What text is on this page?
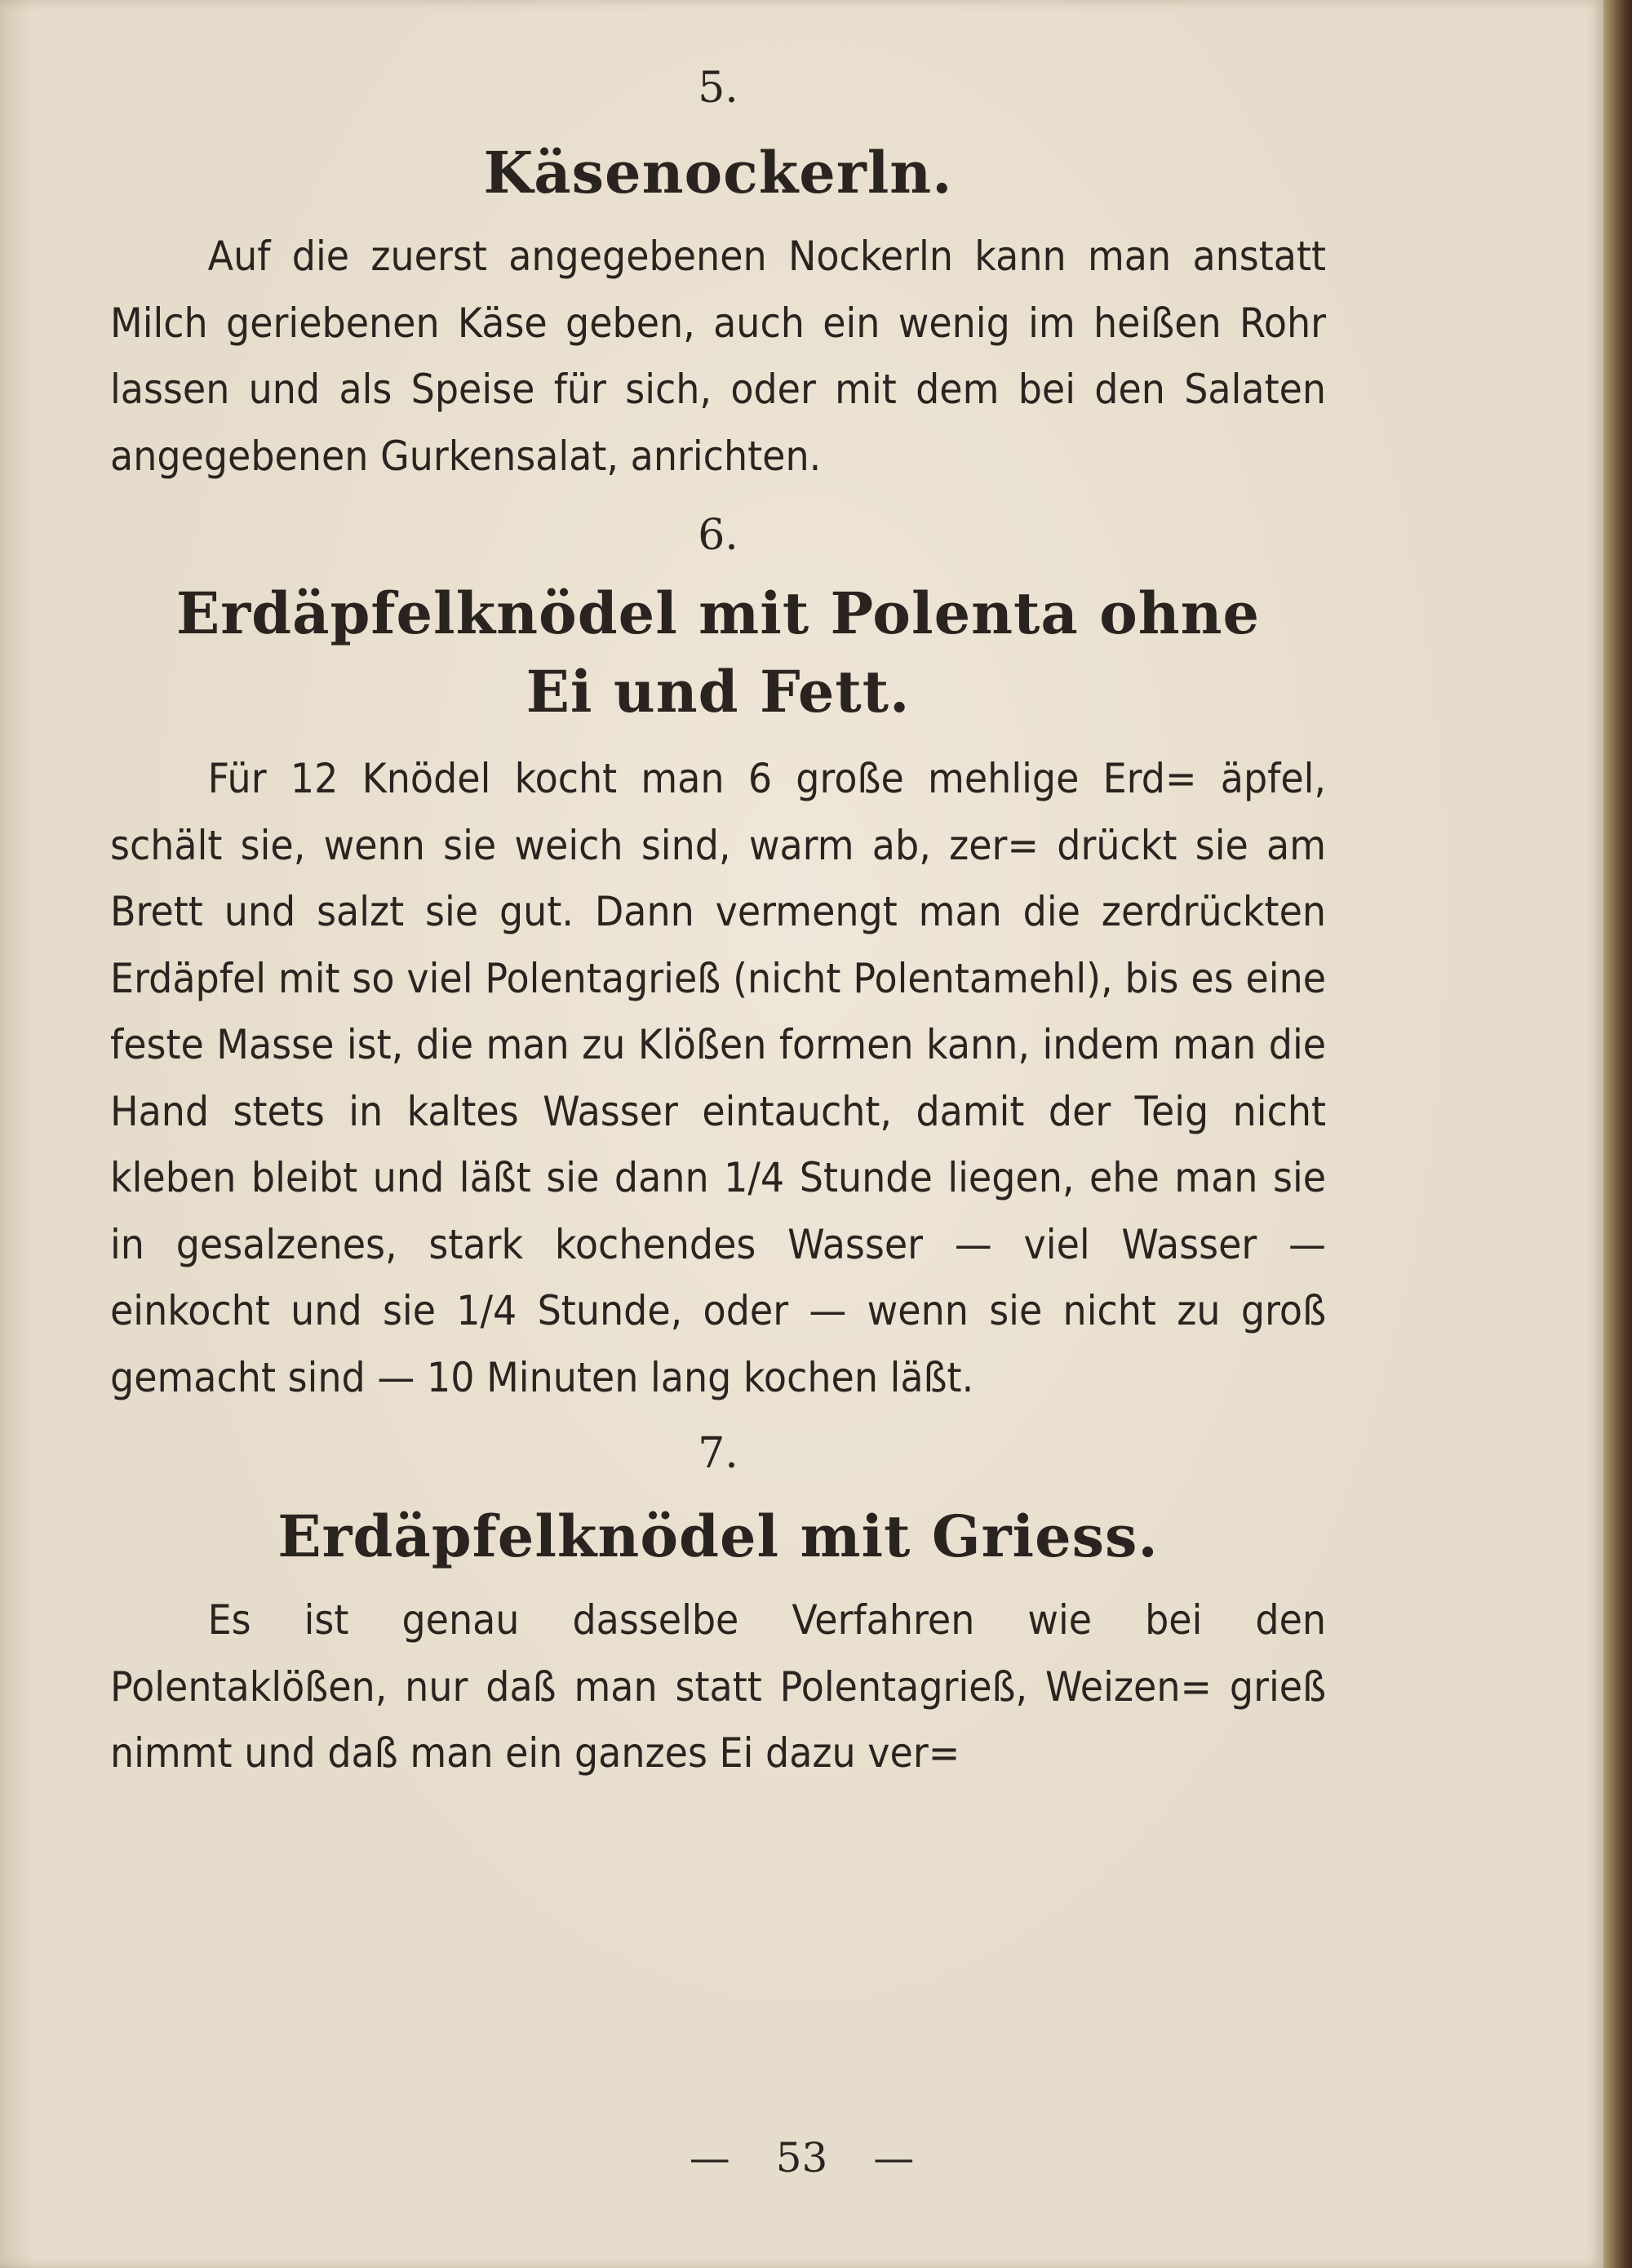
5.

Käsenockerln.

Auf die zuerst angegebenen Nockerln kann man anstatt Milch geriebenen Käse geben, auch ein wenig im heißen Rohr lassen und als Speise für sich, oder mit dem bei den Salaten angegebenen Gurkensalat, anrichten.

6.

Erdäpfelknödel mit Polenta ohne Ei und Fett.

Für 12 Knödel kocht man 6 große mehlige Erd= äpfel, schält sie, wenn sie weich sind, warm ab, zer= drückt sie am Brett und salzt sie gut. Dann vermengt man die zerdrückten Erdäpfel mit so viel Polentagrieß (nicht Polentamehl), bis es eine feste Masse ist, die man zu Klößen formen kann, indem man die Hand stets in kaltes Wasser eintaucht, damit der Teig nicht kleben bleibt und läßt sie dann 1/4 Stunde liegen, ehe man sie in gesalzenes, stark kochendes Wasser — viel Wasser — einkocht und sie 1/4 Stunde, oder — wenn sie nicht zu groß gemacht sind — 10 Minuten lang kochen läßt.

7.

Erdäpfelknödel mit Griess.

Es ist genau dasselbe Verfahren wie bei den Polentaklößen, nur daß man statt Polentagrieß, Weizen= grieß nimmt und daß man ein ganzes Ei dazu ver=

— 53 —
